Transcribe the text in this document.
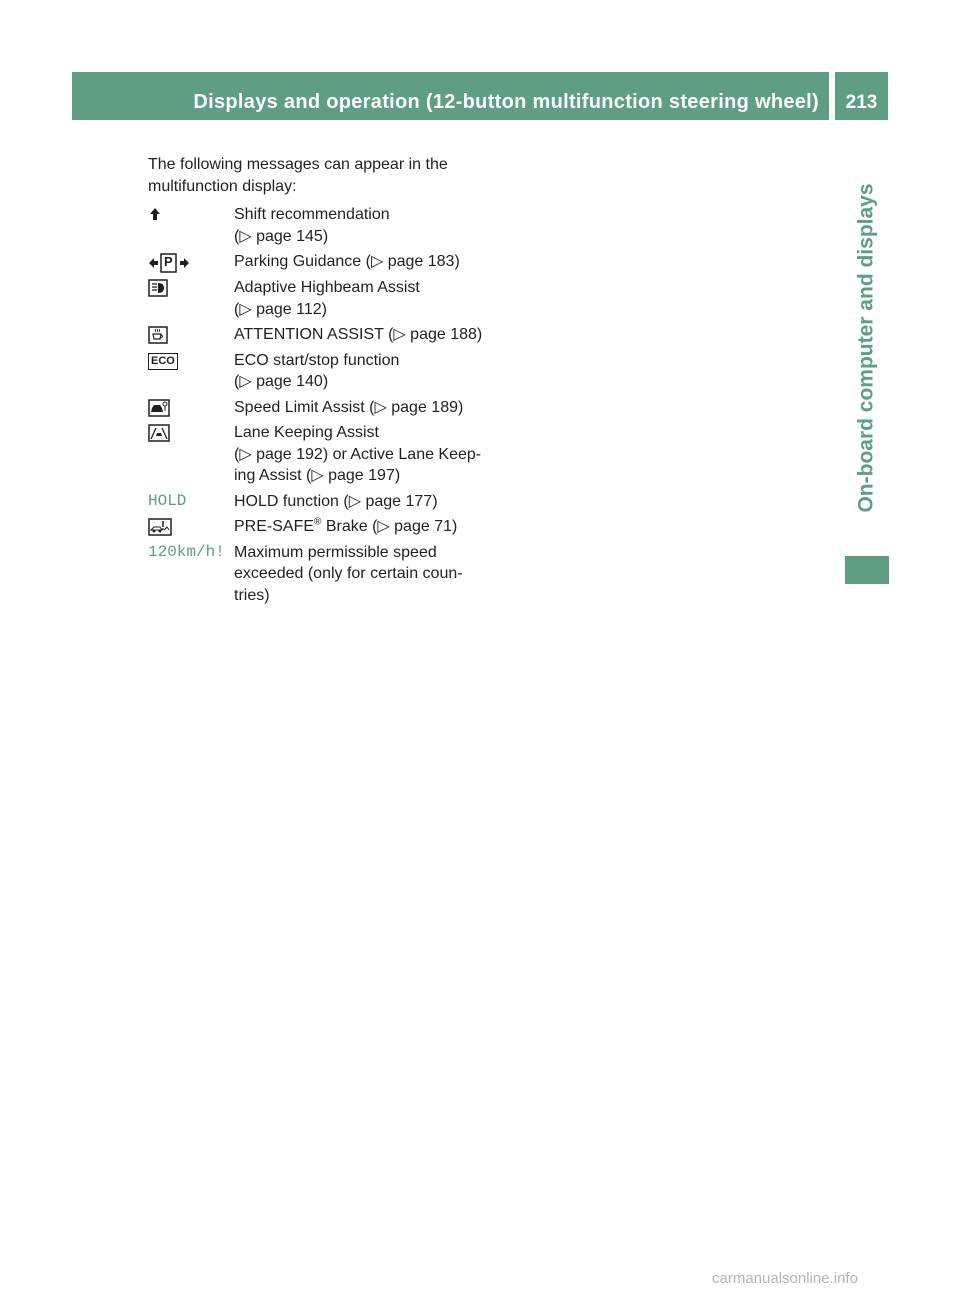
Displays and operation (12-button multifunction steering wheel) 213
On-board computer and displays

The following messages can appear in the multifunction display:

Shift recommendation
(▷ page 145)
P	Parking Guidance (▷ page 183)
Adaptive Highbeam Assist
(▷ page 112)
ATTENTION ASSIST (▷ page 188)
ECO	ECO start/stop function
(▷ page 140)
Speed Limit Assist (▷ page 189)
Lane Keeping Assist
(▷ page 192) or Active Lane Keep-
ing Assist (▷ page 197)
HOLD	HOLD function (▷ page 177)
PRE-SAFE® Brake (▷ page 71)
120km/h! Maximum permissible speed
exceeded (only for certain coun-
tries)
carmanualsonline.info
